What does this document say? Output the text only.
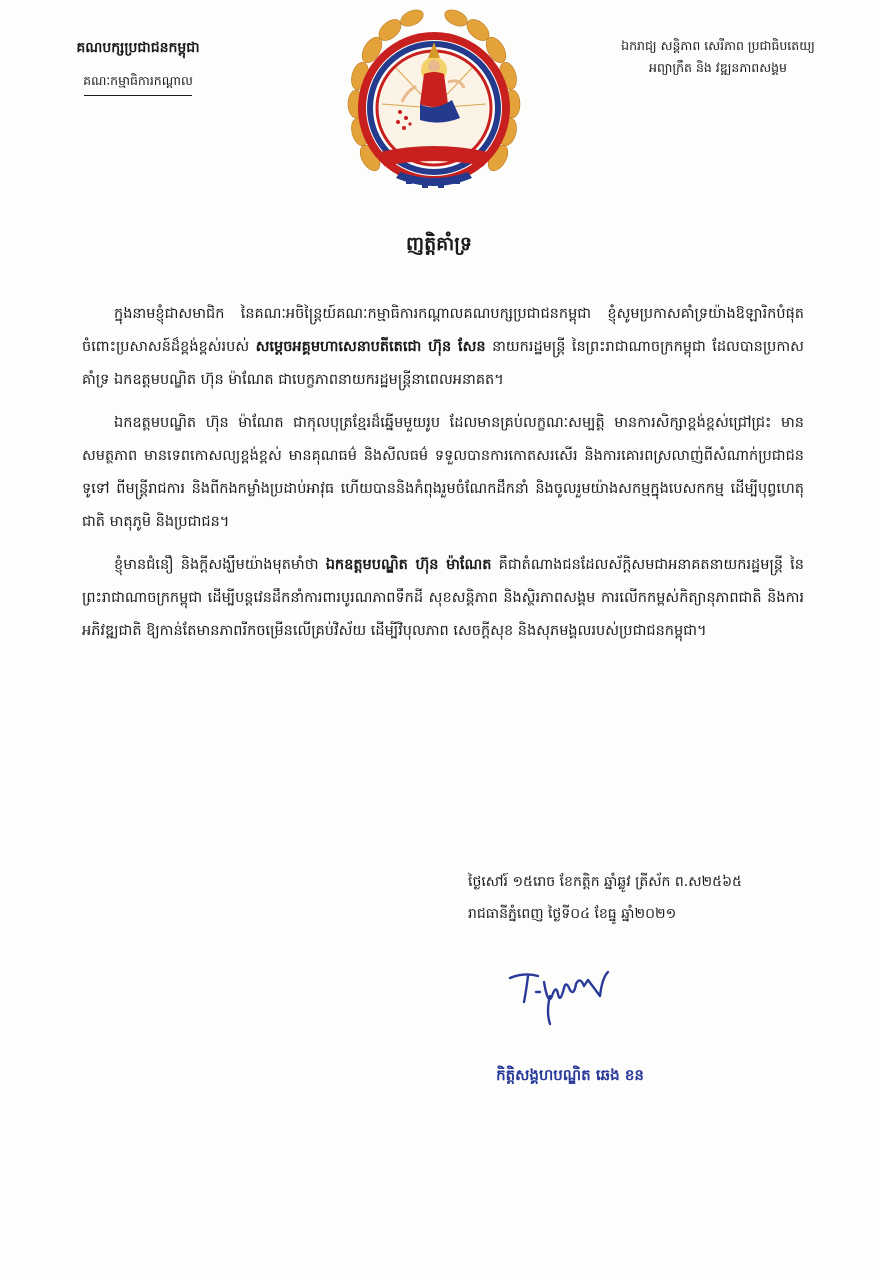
គណបក្សប្រជាជនកម្ពុជា
គណៈកម្មាធិការកណ្តាល
ឯករាជ្យ សន្តិភាព សេរីភាព ប្រជាធិបតេយ្យ
អព្យាក្រឹត និង វឌ្ឍនភាពសង្គម
ញត្តិគាំទ្រ

ក្នុងនាមខ្ញុំជាសមាជិក នៃគណៈអចិន្ត្រៃយ៍គណៈកម្មាធិការកណ្តាលគណបក្សប្រជាជនកម្ពុជា ខ្ញុំសូមប្រកាសគាំទ្រយ៉ាងឱឡារិកបំផុត ចំពោះប្រសាសន៍ដ៏ខ្ពង់ខ្ពស់របស់ សម្តេចអគ្គមហាសេនាបតីតេជោ ហ៊ុន សែន នាយករដ្ឋមន្ត្រី នៃព្រះរាជាណាចក្រកម្ពុជា ដែលបានប្រកាសគាំទ្រ ឯកឧត្តមបណ្ឌិត ហ៊ុន ម៉ាណែត ជាបេក្ខភាពនាយករដ្ឋមន្ត្រីនាពេលអនាគត។

ឯកឧត្តមបណ្ឌិត ហ៊ុន ម៉ាណែត ជាកុលបុត្រខ្មែរដ៏ឆ្នើមមួយរូប ដែលមានគ្រប់លក្ខណៈសម្បត្តិ មានការសិក្សាខ្ពង់ខ្ពស់ជ្រៅជ្រះ មានសមត្ថភាព មានទេពកោសល្យខ្ពង់ខ្ពស់ មានគុណធម៌ និងសីលធម៌ ទទួលបានការកោតសរសើរ និងការគោរពស្រលាញ់ពីសំណាក់ប្រជាជនទូទៅ ពីមន្ត្រីរាជការ និងពីកងកម្លាំងប្រដាប់អាវុធ ហើយបាននិងកំពុងរួមចំណែកដឹកនាំ និងចូលរួមយ៉ាងសកម្មក្នុងបេសកកម្ម ដើម្បីបុព្វហេតុជាតិ មាតុភូមិ និងប្រជាជន។

ខ្ញុំមានជំនឿ និងក្តីសង្ឃឹមយ៉ាងមុតមាំថា ឯកឧត្តមបណ្ឌិត ហ៊ុន ម៉ាណែត គឺជាតំណាងជនដែលស័ក្តិសមជាអនាគតនាយករដ្ឋមន្ត្រី នៃព្រះរាជាណាចក្រកម្ពុជា ដើម្បីបន្តវេនដឹកនាំការពារបូរណភាពទឹកដី សុខសន្តិភាព និងស្ថិរភាពសង្គម ការលើកកម្ពស់កិត្យានុភាពជាតិ និងការអភិវឌ្ឍជាតិ ឱ្យកាន់តែមានភាពរីកចម្រើនលើគ្រប់វិស័យ ដើម្បីវិបុលភាព សេចក្តីសុខ និងសុភមង្គលរបស់ប្រជាជនកម្ពុជា។

ថ្ងៃសៅរ៍ ១៥រោច ខែកត្តិក ឆ្នាំឆ្លូវ ត្រីស័ក ព.ស២៥៦៥
រាជធានីភ្នំពេញ ថ្ងៃទី០៤ ខែធ្នូ ឆ្នាំ២០២១
កិត្តិសង្គហបណ្ឌិត ឆេង ខន
